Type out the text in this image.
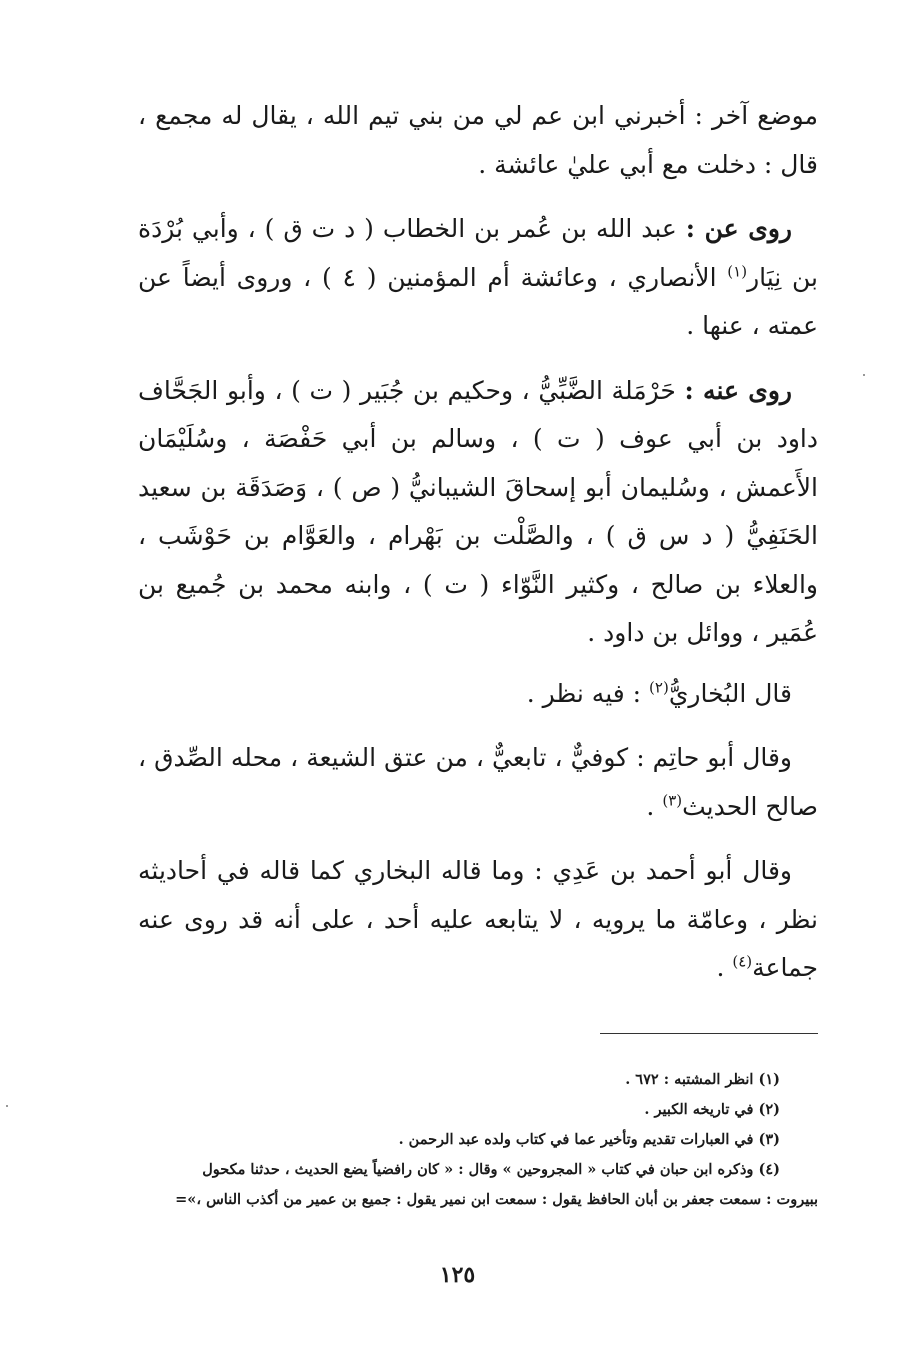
موضع آخر : أخبرني ابن عم لي من بني تيم الله ، يقال له مجمع ، قال : دخلت مع أبي عليٰ عائشة .

روى عن : عبد الله بن عُمر بن الخطاب ( د ت ق ) ، وأبي بُرْدَة بن نِيَار$^{(١)}$ الأنصاري ، وعائشة أم المؤمنين ( ٤ ) ، وروى أيضاً عن عمته ، عنها .

روى عنه : حَرْمَلة الضَّبِّيُّ ، وحكيم بن جُبَير ( ت ) ، وأبو الجَحَّاف داود بن أبي عوف ( ت ) ، وسالم بن أبي حَفْصَة ، وسُلَيْمَان الأَعمش ، وسُليمان أبو إسحاقَ الشيبانيُّ ( ص ) ، وَصَدَقَة بن سعيد الحَنَفِيُّ ( د س ق ) ، والصَّلْت بن بَهْرام ، والعَوَّام بن حَوْشَب ، والعلاء بن صالح ، وكثير النَّوّاء ( ت ) ، وابنه محمد بن جُميع بن عُمَير ، ووائل بن داود .

قال البُخاريُّ$^{(٢)}$ : فيه نظر .

وقال أبو حاتِم : كوفيٌّ ، تابعيٌّ ، من عتق الشيعة ، محله الصِّدق ، صالح الحديث$^{(٣)}$ .

وقال أبو أحمد بن عَدِي : وما قاله البخاري كما قاله في أحاديثه نظر ، وعامّة ما يرويه ، لا يتابعه عليه أحد ، على أنه قد روى عنه جماعة$^{(٤)}$ .

(١) انظر المشتبه : ٦٧٢ .

(٢) في تاريخه الكبير .

(٣) في العبارات تقديم وتأخير عما في كتاب ولده عبد الرحمن .

(٤) وذكره ابن حبان في كتاب « المجروحين » وقال : « كان رافضياً يضع الحديث ، حدثنا مكحول

ببيروت : سمعت جعفر بن أبان الحافظ يقول : سمعت ابن نمير يقول : جميع بن عمير من أكذب الناس ،»=

١٢٥
